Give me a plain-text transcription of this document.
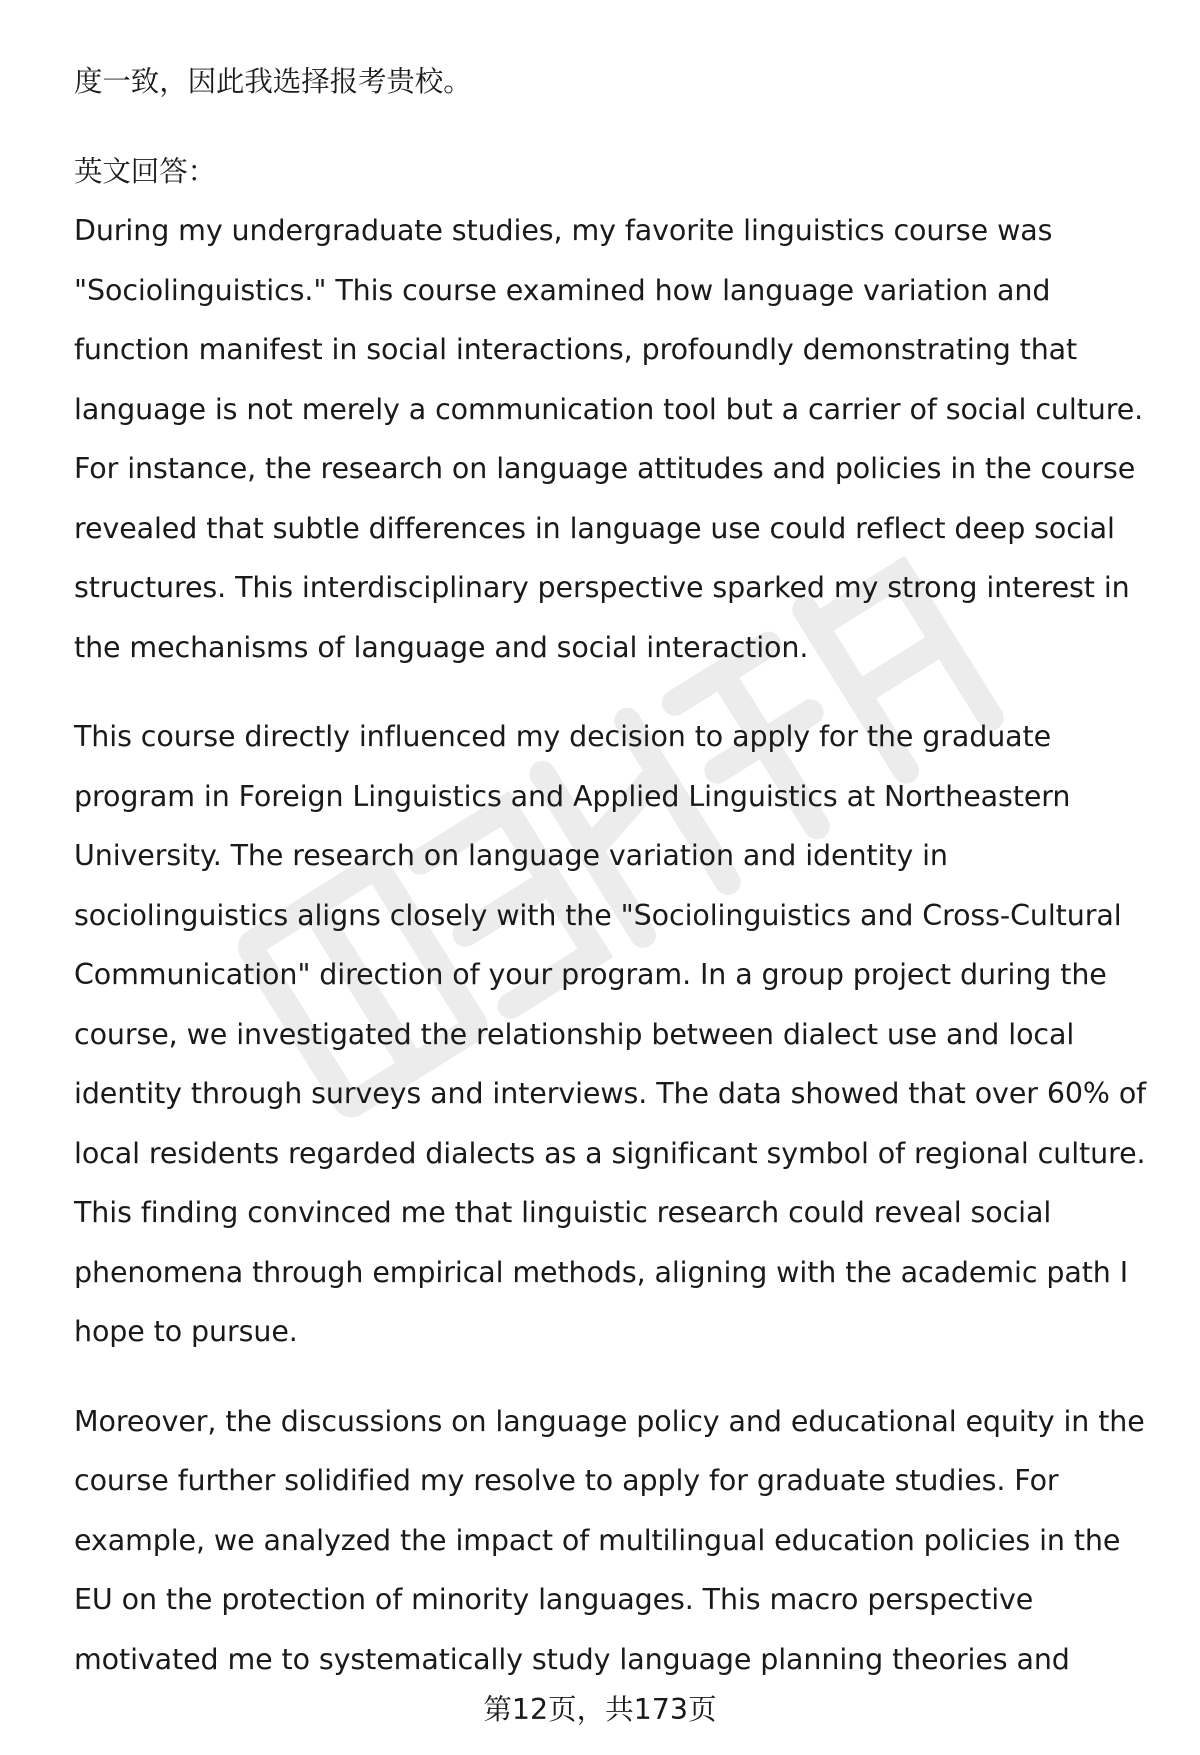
度一致，因此我选择报考贵校。

英文回答：

During my undergraduate studies, my favorite linguistics course was "Sociolinguistics." This course examined how language variation and function manifest in social interactions, profoundly demonstrating that language is not merely a communication tool but a carrier of social culture. For instance, the research on language attitudes and policies in the course revealed that subtle differences in language use could reflect deep social structures. This interdisciplinary perspective sparked my strong interest in the mechanisms of language and social interaction.

This course directly influenced my decision to apply for the graduate program in Foreign Linguistics and Applied Linguistics at Northeastern University. The research on language variation and identity in sociolinguistics aligns closely with the "Sociolinguistics and Cross-Cultural Communication" direction of your program. In a group project during the course, we investigated the relationship between dialect use and local identity through surveys and interviews. The data showed that over 60% of local residents regarded dialects as a significant symbol of regional culture. This finding convinced me that linguistic research could reveal social phenomena through empirical methods, aligning with the academic path I hope to pursue.

Moreover, the discussions on language policy and educational equity in the course further solidified my resolve to apply for graduate studies. For example, we analyzed the impact of multilingual education policies in the EU on the protection of minority languages. This macro perspective motivated me to systematically study language planning theories and

第12页，共173页
